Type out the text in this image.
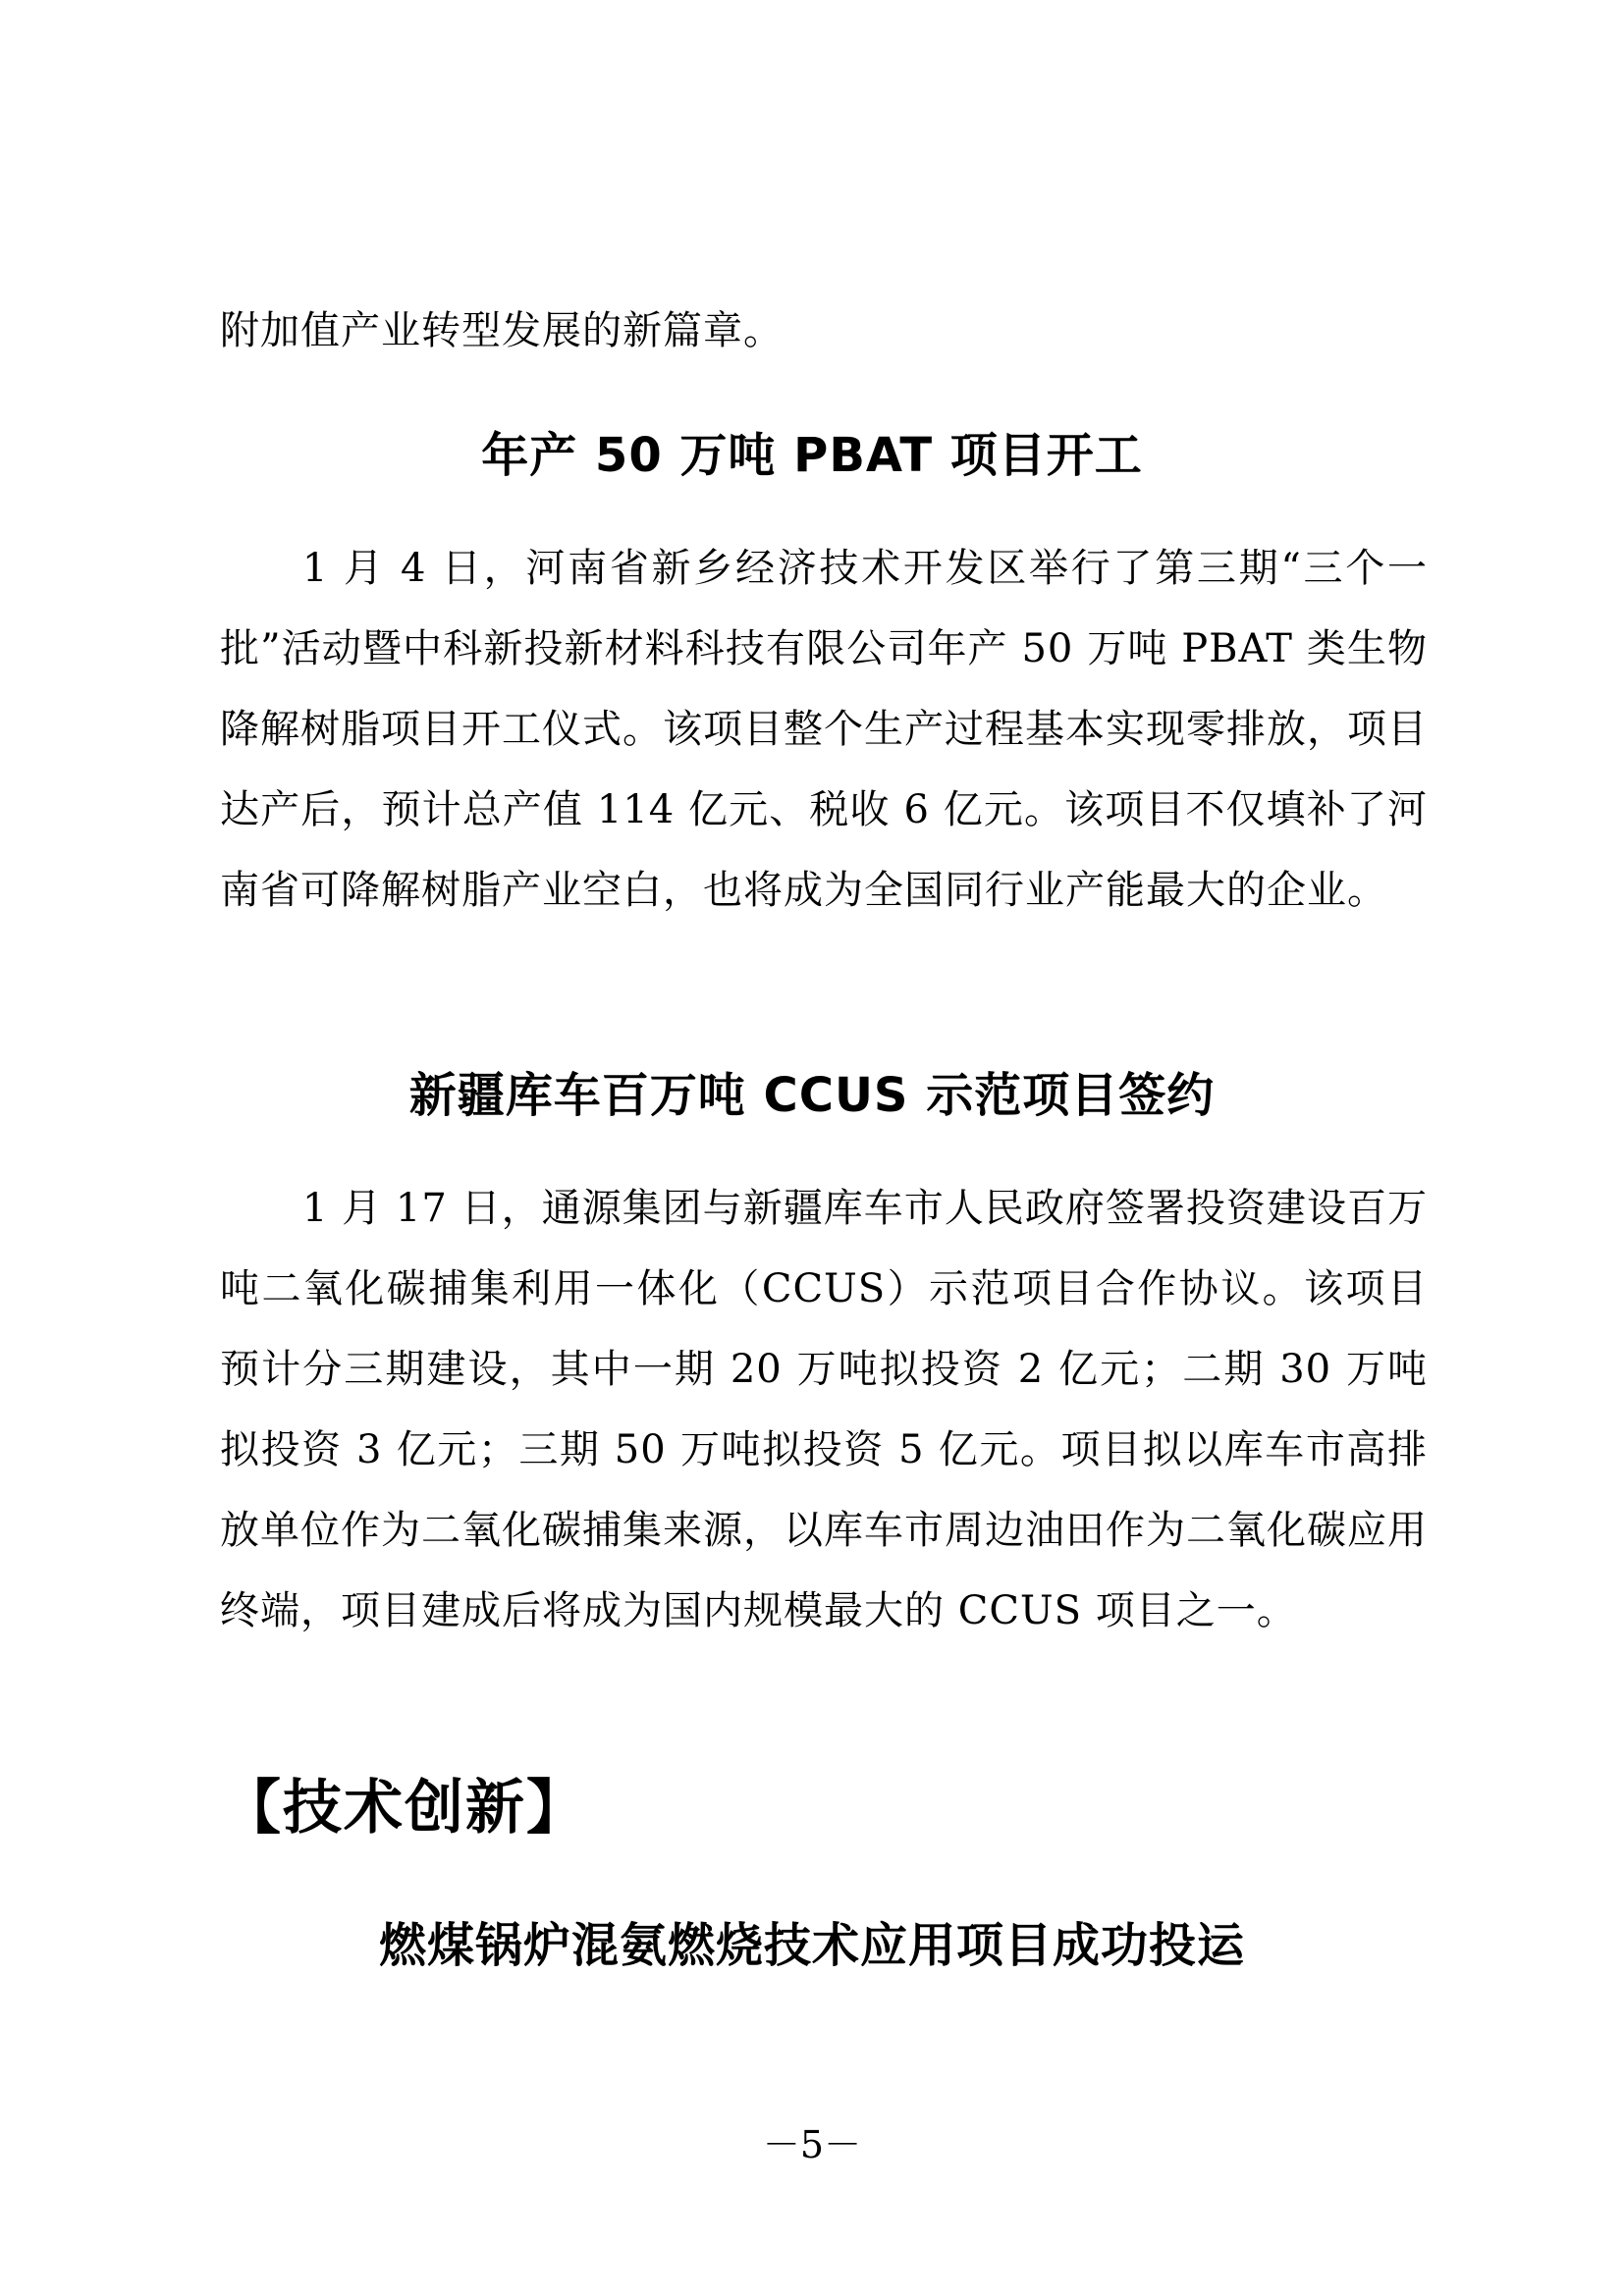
附加值产业转型发展的新篇章。

年产 50 万吨 PBAT 项目开工

1 月 4 日，河南省新乡经济技术开发区举行了第三期“三个一批”活动暨中科新投新材料科技有限公司年产 50 万吨 PBAT 类生物降解树脂项目开工仪式。该项目整个生产过程基本实现零排放，项目达产后，预计总产值 114 亿元、税收 6 亿元。该项目不仅填补了河南省可降解树脂产业空白，也将成为全国同行业产能最大的企业。

新疆库车百万吨 CCUS 示范项目签约

1 月 17 日，通源集团与新疆库车市人民政府签署投资建设百万吨二氧化碳捕集利用一体化（CCUS）示范项目合作协议。该项目预计分三期建设，其中一期 20 万吨拟投资 2 亿元；二期 30 万吨拟投资 3 亿元；三期 50 万吨拟投资 5 亿元。项目拟以库车市高排放单位作为二氧化碳捕集来源，以库车市周边油田作为二氧化碳应用终端，项目建成后将成为国内规模最大的 CCUS 项目之一。

【技术创新】
燃煤锅炉混氨燃烧技术应用项目成功投运
－5－
